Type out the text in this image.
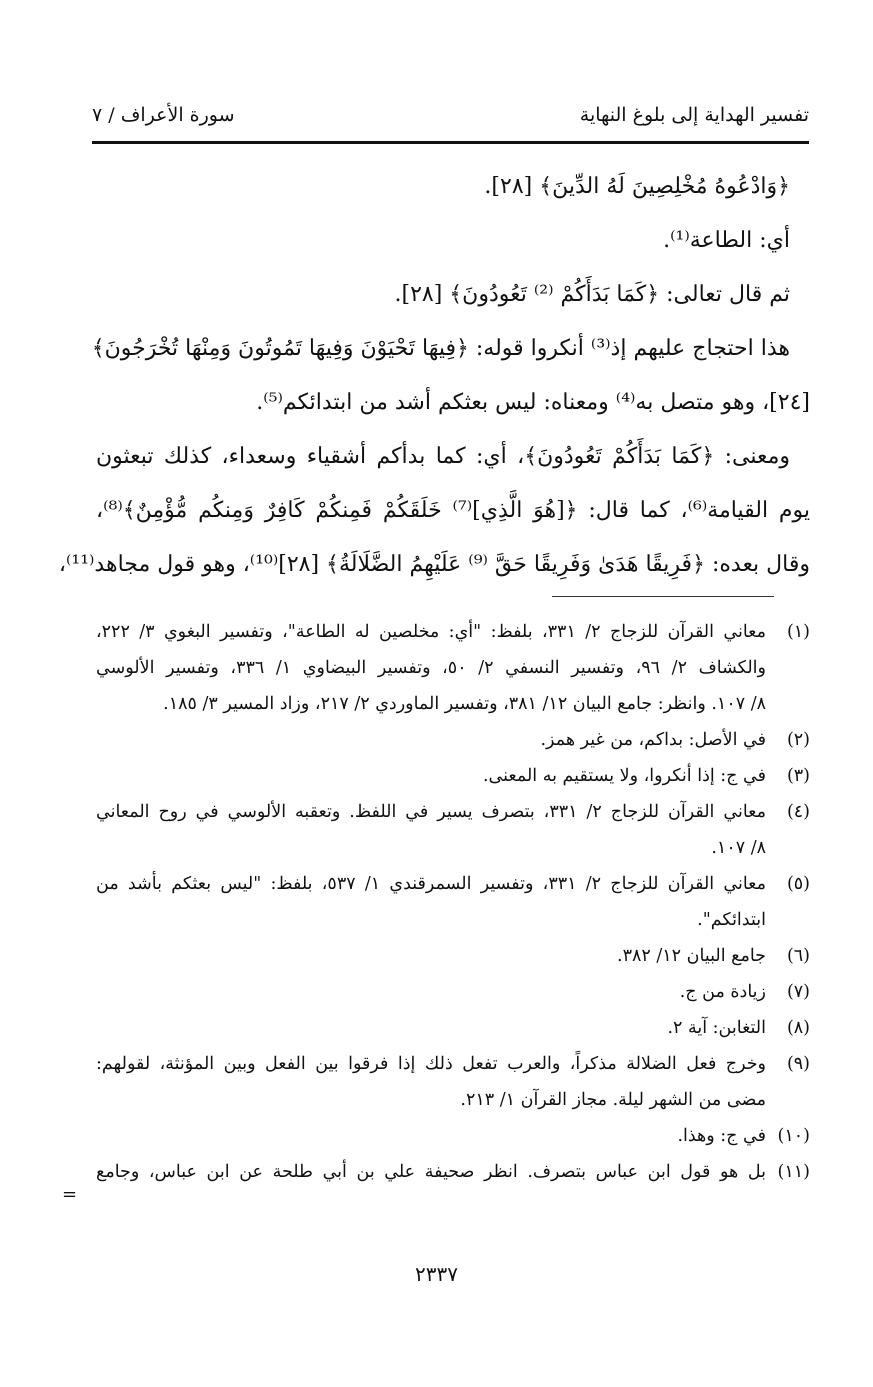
تفسير الهداية إلى بلوغ النهاية
سورة الأعراف / ٧
﴿وَادْعُوهُ مُخْلِصِينَ لَهُ الدِّينَ﴾ [٢٨].
أي: الطاعة⁽¹⁾.
ثم قال تعالى: ﴿كَمَا بَدَأَكُمْ ⁽²⁾ تَعُودُونَ﴾ [٢٨].
هذا احتجاج عليهم إذ⁽³⁾ أنكروا قوله: ﴿فِيهَا تَحْيَوْنَ وَفِيهَا تَمُوتُونَ وَمِنْهَا تُخْرَجُونَ﴾
[٢٤]، وهو متصل به⁽⁴⁾ ومعناه: ليس بعثكم أشد من ابتدائكم⁽⁵⁾.
ومعنى: ﴿كَمَا بَدَأَكُمْ تَعُودُونَ﴾، أي: كما بدأكم أشقياء وسعداء، كذلك تبعثون
يوم القيامة⁽⁶⁾، كما قال: ﴿[هُوَ الَّذِي]⁽⁷⁾ خَلَقَكُمْ فَمِنكُمْ كَافِرٌ وَمِنكُم مُّؤْمِنٌ﴾⁽⁸⁾،
وقال بعده: ﴿فَرِيقًا هَدَىٰ وَفَرِيقًا حَقَّ ⁽⁹⁾ عَلَيْهِمُ الضَّلَالَةُ﴾ [٢٨]⁽¹⁰⁾، وهو قول مجاهد⁽¹¹⁾،
(١)
معاني القرآن للزجاج ٢/ ٣٣١، بلفظ: "أي: مخلصين له الطاعة"، وتفسير البغوي ٣/ ٢٢٢،
والكشاف ٢/ ٩٦، وتفسير النسفي ٢/ ٥٠، وتفسير البيضاوي ١/ ٣٣٦، وتفسير الألوسي
٨/ ١٠٧. وانظر: جامع البيان ١٢/ ٣٨١، وتفسير الماوردي ٢/ ٢١٧، وزاد المسير ٣/ ١٨٥.
(٢)
في الأصل: بداكم، من غير همز.
(٣)
في ج: إذا أنكروا، ولا يستقيم به المعنى.
(٤)
معاني القرآن للزجاج ٢/ ٣٣١، بتصرف يسير في اللفظ. وتعقبه الألوسي في روح المعاني
٨/ ١٠٧.
(٥)
معاني القرآن للزجاج ٢/ ٣٣١، وتفسير السمرقندي ١/ ٥٣٧، بلفظ: "ليس بعثكم بأشد من
ابتدائكم".
(٦)
جامع البيان ١٢/ ٣٨٢.
(٧)
زيادة من ج.
(٨)
التغابن: آية ٢.
(٩)
وخرج فعل الضلالة مذكراً، والعرب تفعل ذلك إذا فرقوا بين الفعل وبين المؤنثة، لقولهم:
مضى من الشهر ليلة. مجاز القرآن ١/ ٢١٣.
(١٠)
في ج: وهذا.
(١١)
بل هو قول ابن عباس بتصرف. انظر صحيفة علي بن أبي طلحة عن ابن عباس، وجامع
=
٢٣٣٧
